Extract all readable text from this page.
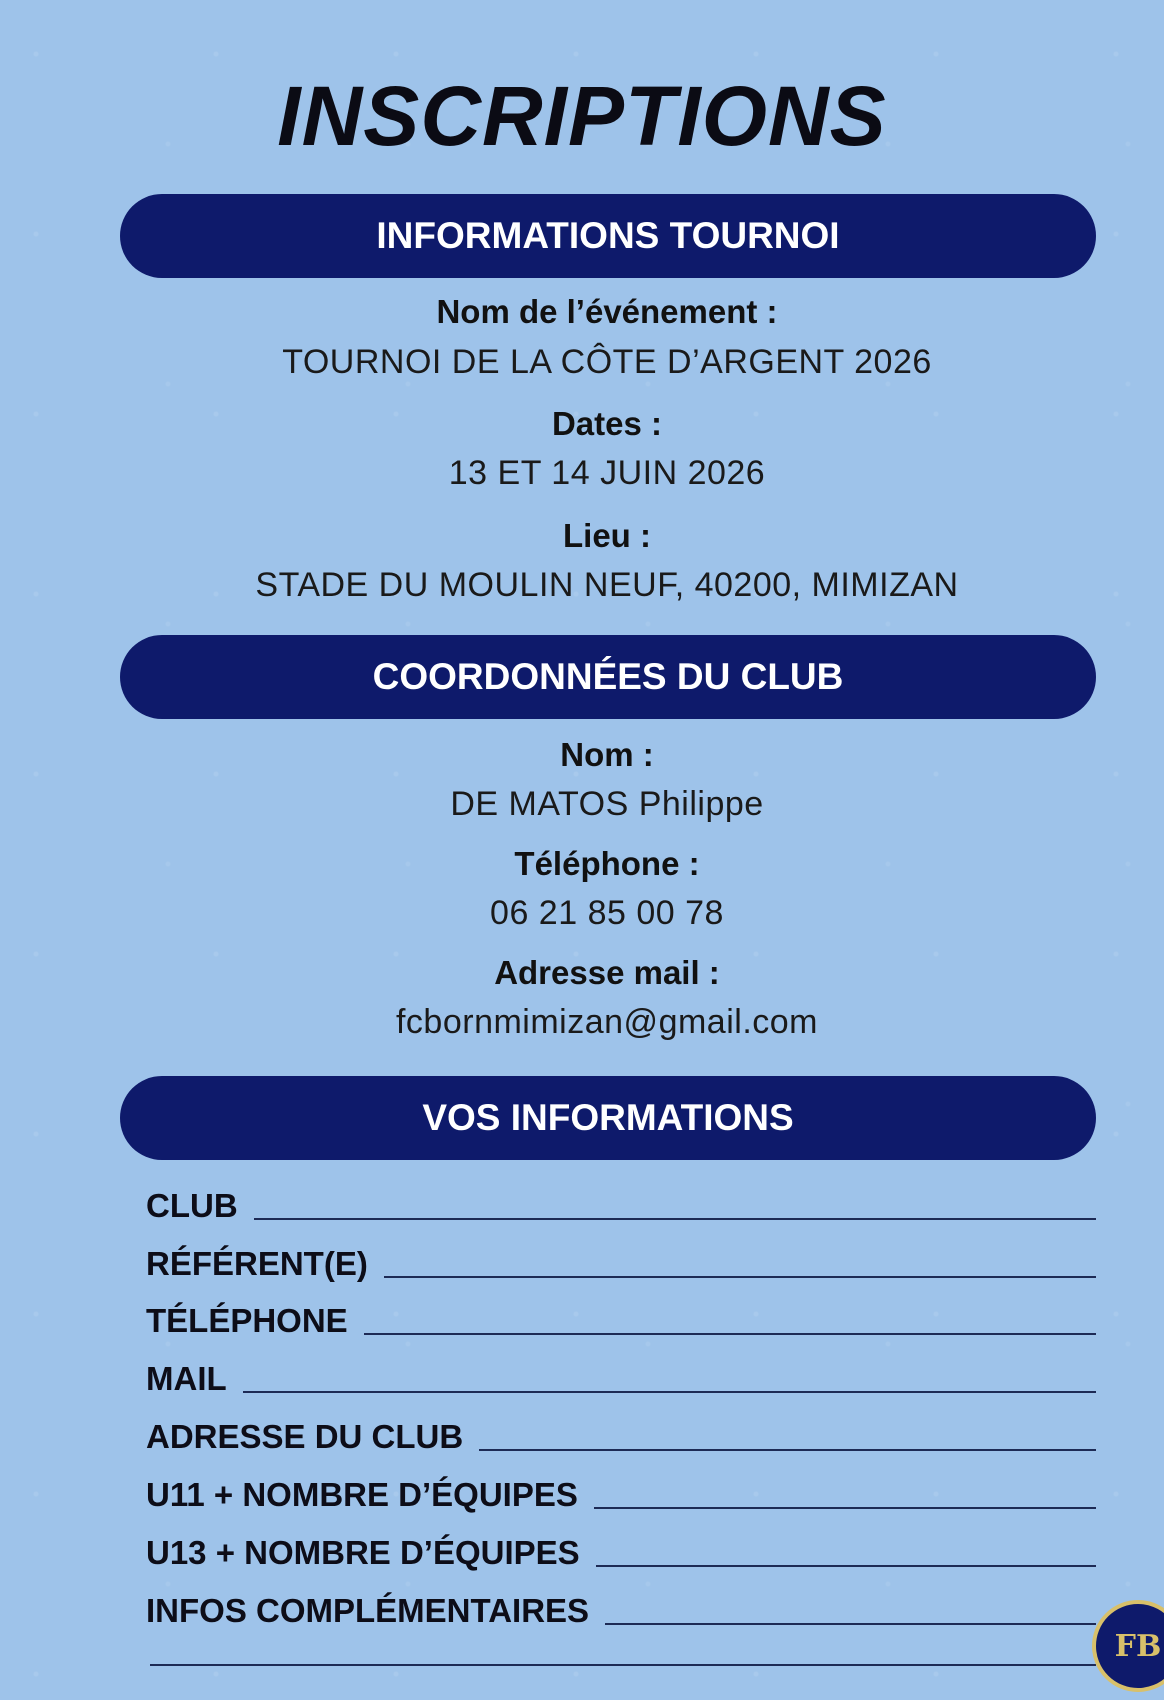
INSCRIPTIONS
INFORMATIONS TOURNOI
Nom de l’événement :
TOURNOI DE LA CÔTE D’ARGENT 2026
Dates :
13 ET 14 JUIN 2026
Lieu :
STADE DU MOULIN NEUF, 40200, MIMIZAN
COORDONNÉES DU CLUB
Nom :
DE MATOS Philippe
Téléphone :
06 21 85 00 78
Adresse mail :
fcbornmimizan@gmail.com
VOS INFORMATIONS
CLUB
RÉFÉRENT(E)
TÉLÉPHONE
MAIL
ADRESSE DU CLUB
U11 + NOMBRE D’ÉQUIPES
U13 + NOMBRE D’ÉQUIPES
INFOS COMPLÉMENTAIRES
FB
